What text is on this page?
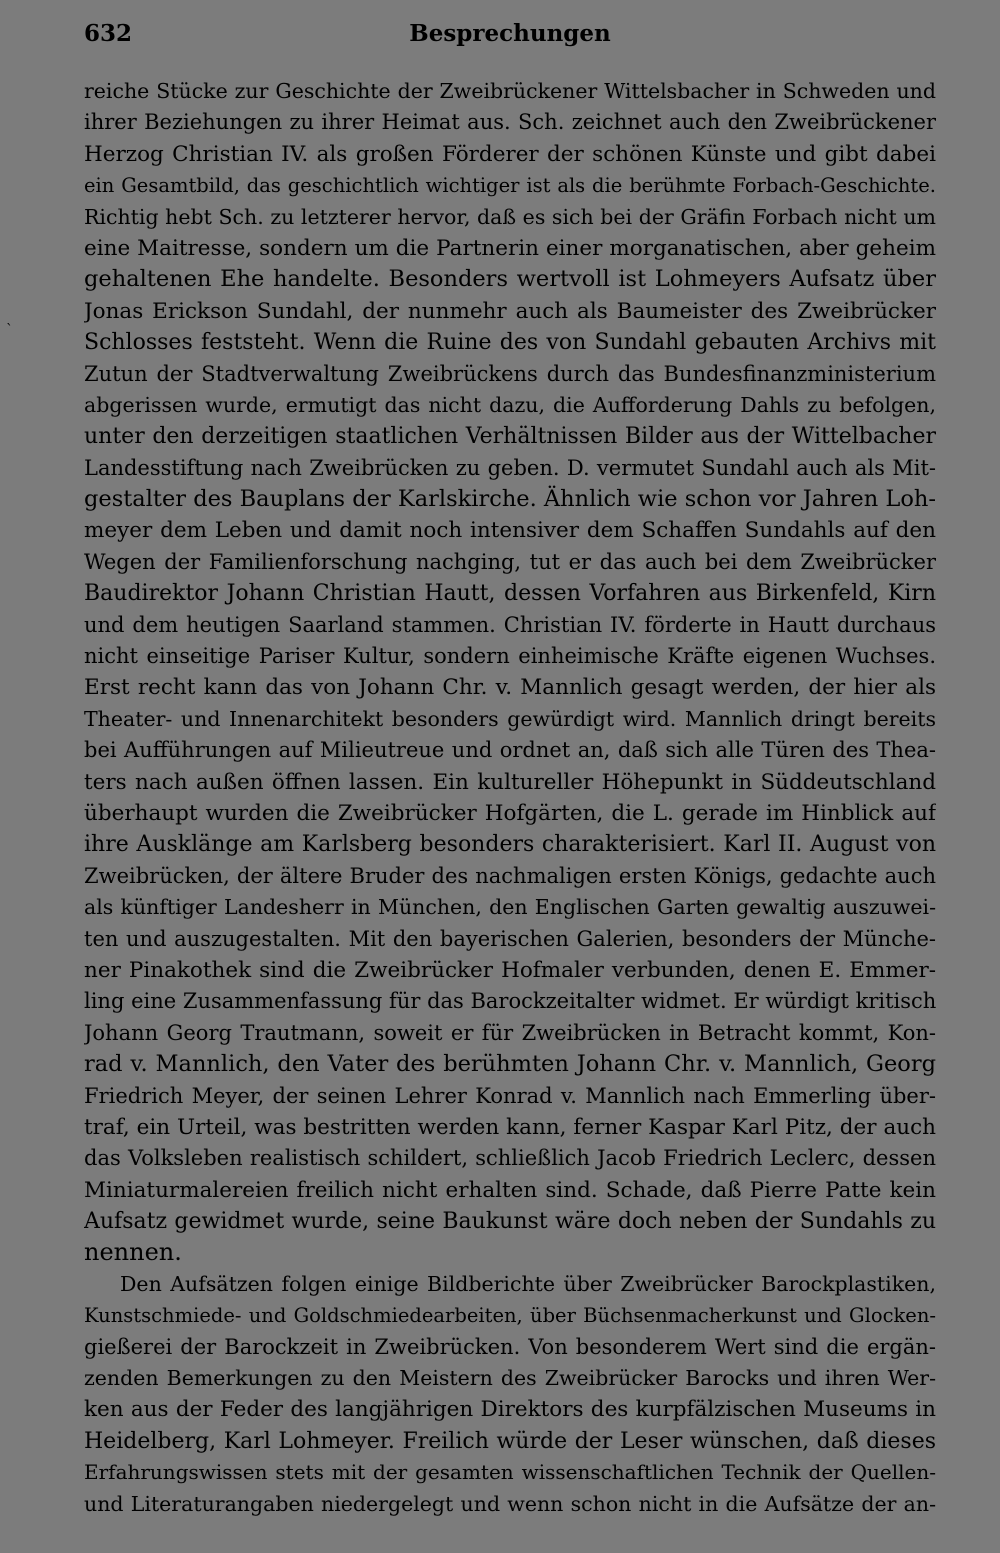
`
632	Besprechungen
reiche Stücke zur Geschichte der Zweibrückener Wittelsbacher in Schweden und
ihrer Beziehungen zu ihrer Heimat aus. Sch. zeichnet auch den Zweibrückener
Herzog Christian IV. als großen Förderer der schönen Künste und gibt dabei
ein Gesamtbild, das geschichtlich wichtiger ist als die berühmte Forbach-Geschichte.
Richtig hebt Sch. zu letzterer hervor, daß es sich bei der Gräfin Forbach nicht um
eine Maitresse, sondern um die Partnerin einer morganatischen, aber geheim
gehaltenen Ehe handelte. Besonders wertvoll ist Lohmeyers Aufsatz über
Jonas Erickson Sundahl, der nunmehr auch als Baumeister des Zweibrücker
Schlosses feststeht. Wenn die Ruine des von Sundahl gebauten Archivs mit
Zutun der Stadtverwaltung Zweibrückens durch das Bundesfinanzministerium
abgerissen wurde, ermutigt das nicht dazu, die Aufforderung Dahls zu befolgen,
unter den derzeitigen staatlichen Verhältnissen Bilder aus der Wittelbacher
Landesstiftung nach Zweibrücken zu geben. D. vermutet Sundahl auch als Mit-
gestalter des Bauplans der Karlskirche. Ähnlich wie schon vor Jahren Loh-
meyer dem Leben und damit noch intensiver dem Schaffen Sundahls auf den
Wegen der Familienforschung nachging, tut er das auch bei dem Zweibrücker
Baudirektor Johann Christian Hautt, dessen Vorfahren aus Birkenfeld, Kirn
und dem heutigen Saarland stammen. Christian IV. förderte in Hautt durchaus
nicht einseitige Pariser Kultur, sondern einheimische Kräfte eigenen Wuchses.
Erst recht kann das von Johann Chr. v. Mannlich gesagt werden, der hier als
Theater- und Innenarchitekt besonders gewürdigt wird. Mannlich dringt bereits
bei Aufführungen auf Milieutreue und ordnet an, daß sich alle Türen des Thea-
ters nach außen öffnen lassen. Ein kultureller Höhepunkt in Süddeutschland
überhaupt wurden die Zweibrücker Hofgärten, die L. gerade im Hinblick auf
ihre Ausklänge am Karlsberg besonders charakterisiert. Karl II. August von
Zweibrücken, der ältere Bruder des nachmaligen ersten Königs, gedachte auch
als künftiger Landesherr in München, den Englischen Garten gewaltig auszuwei-
ten und auszugestalten. Mit den bayerischen Galerien, besonders der Münche-
ner Pinakothek sind die Zweibrücker Hofmaler verbunden, denen E. Emmer-
ling eine Zusammenfassung für das Barockzeitalter widmet. Er würdigt kritisch
Johann Georg Trautmann, soweit er für Zweibrücken in Betracht kommt, Kon-
rad v. Mannlich, den Vater des berühmten Johann Chr. v. Mannlich, Georg
Friedrich Meyer, der seinen Lehrer Konrad v. Mannlich nach Emmerling über-
traf, ein Urteil, was bestritten werden kann, ferner Kaspar Karl Pitz, der auch
das Volksleben realistisch schildert, schließlich Jacob Friedrich Leclerc, dessen
Miniaturmalereien freilich nicht erhalten sind. Schade, daß Pierre Patte kein
Aufsatz gewidmet wurde, seine Baukunst wäre doch neben der Sundahls zu
nennen.
Den Aufsätzen folgen einige Bildberichte über Zweibrücker Barockplastiken,
Kunstschmiede- und Goldschmiedearbeiten, über Büchsenmacherkunst und Glocken-
gießerei der Barockzeit in Zweibrücken. Von besonderem Wert sind die ergän-
zenden Bemerkungen zu den Meistern des Zweibrücker Barocks und ihren Wer-
ken aus der Feder des langjährigen Direktors des kurpfälzischen Museums in
Heidelberg, Karl Lohmeyer. Freilich würde der Leser wünschen, daß dieses
Erfahrungswissen stets mit der gesamten wissenschaftlichen Technik der Quellen-
und Literaturangaben niedergelegt und wenn schon nicht in die Aufsätze der an-
